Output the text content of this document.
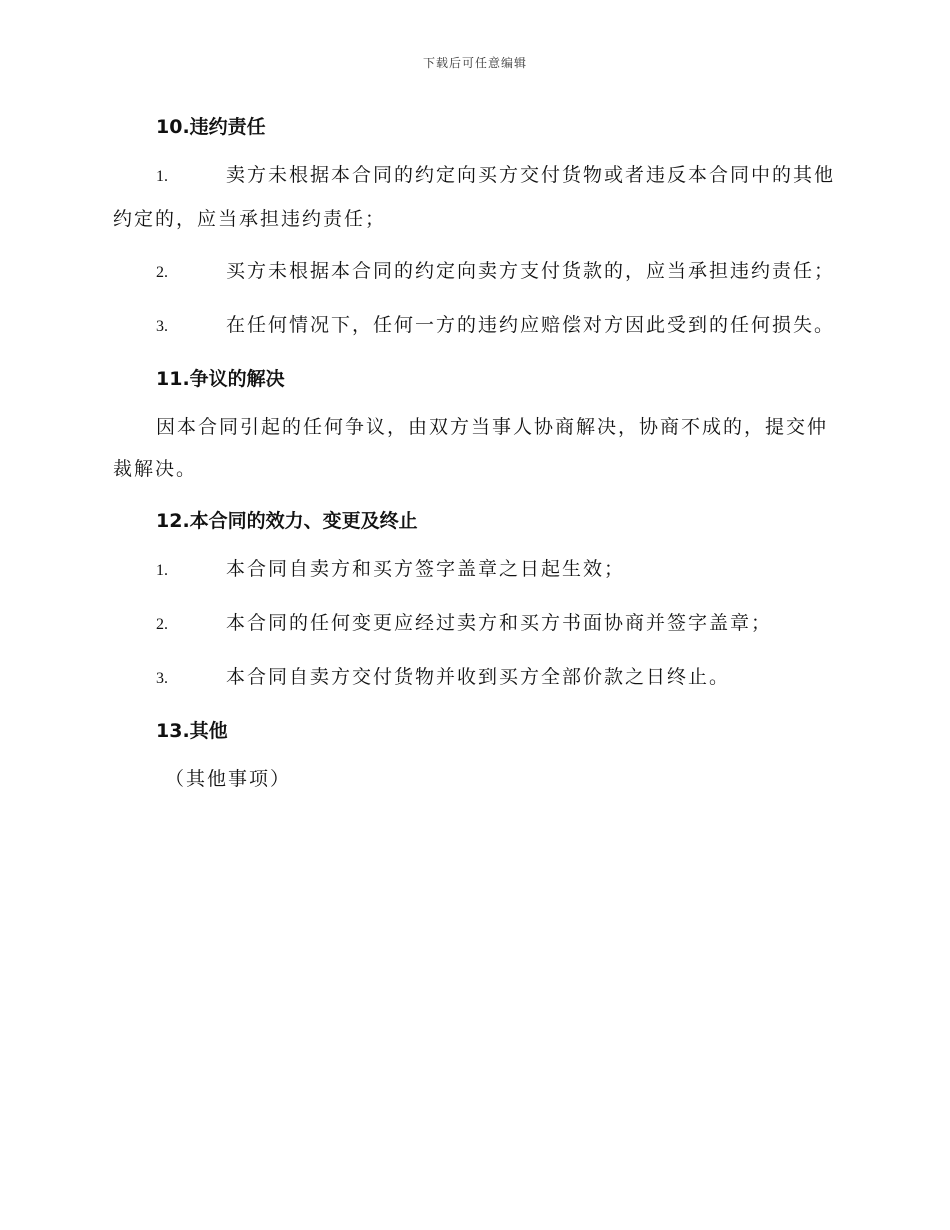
下载后可任意编辑
10.违约责任

1.	卖方未根据本合同的约定向买方交付货物或者违反本合同中的其他约定的，应当承担违约责任；

2.	买方未根据本合同的约定向卖方支付货款的，应当承担违约责任；

3.	在任何情况下，任何一方的违约应赔偿对方因此受到的任何损失。

11.争议的解决

因本合同引起的任何争议，由双方当事人协商解决，协商不成的，提交仲裁解决。

12.本合同的效力、变更及终止

1.	本合同自卖方和买方签字盖章之日起生效；

2.	本合同的任何变更应经过卖方和买方书面协商并签字盖章；

3.	本合同自卖方交付货物并收到买方全部价款之日终止。

13.其他

（其他事项）
